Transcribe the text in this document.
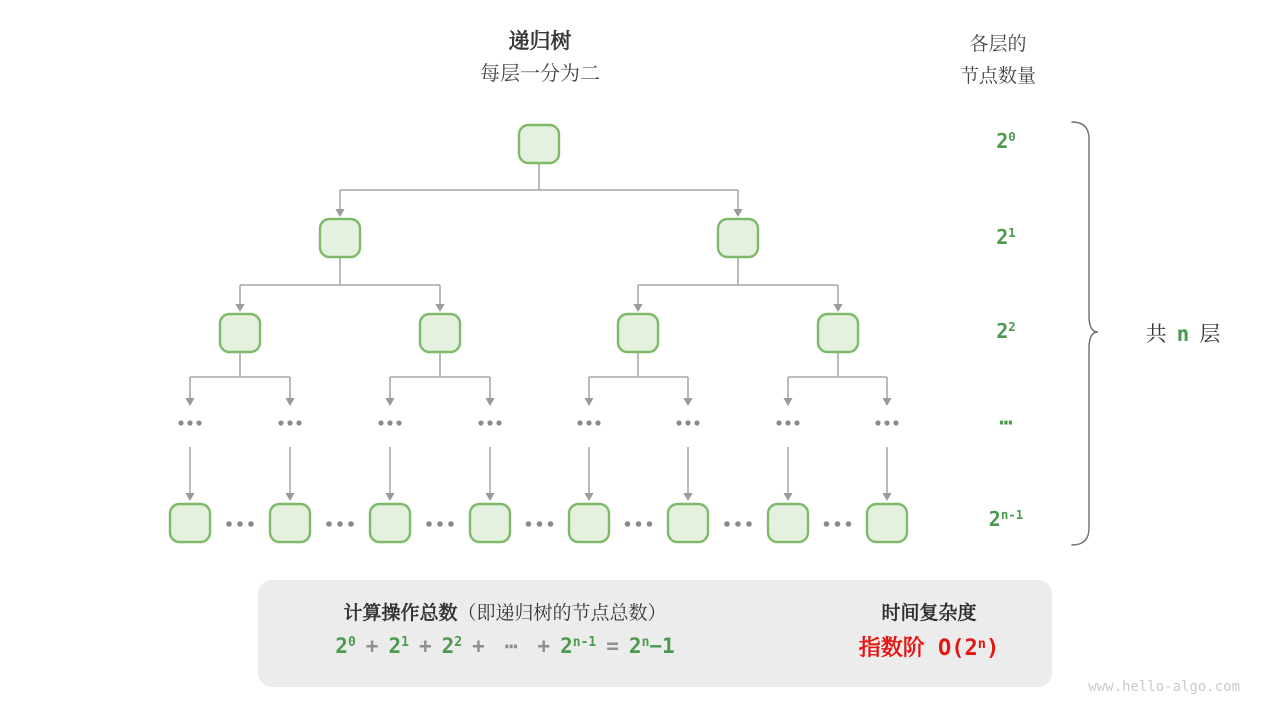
递归树
每层一分为二
各层的
节点数量
$2^0$
$2^1$
$2^2$
⋯
2$^{n-1}$
共 n 层
计算操作总数（即递归树的节点总数）
$2^0 + 2^1 + 2^2$ + ⋯ + $2^{n-1} = 2^n-1$
时间复杂度
指数阶 O(2$^n$)
www.hello-algo.com
